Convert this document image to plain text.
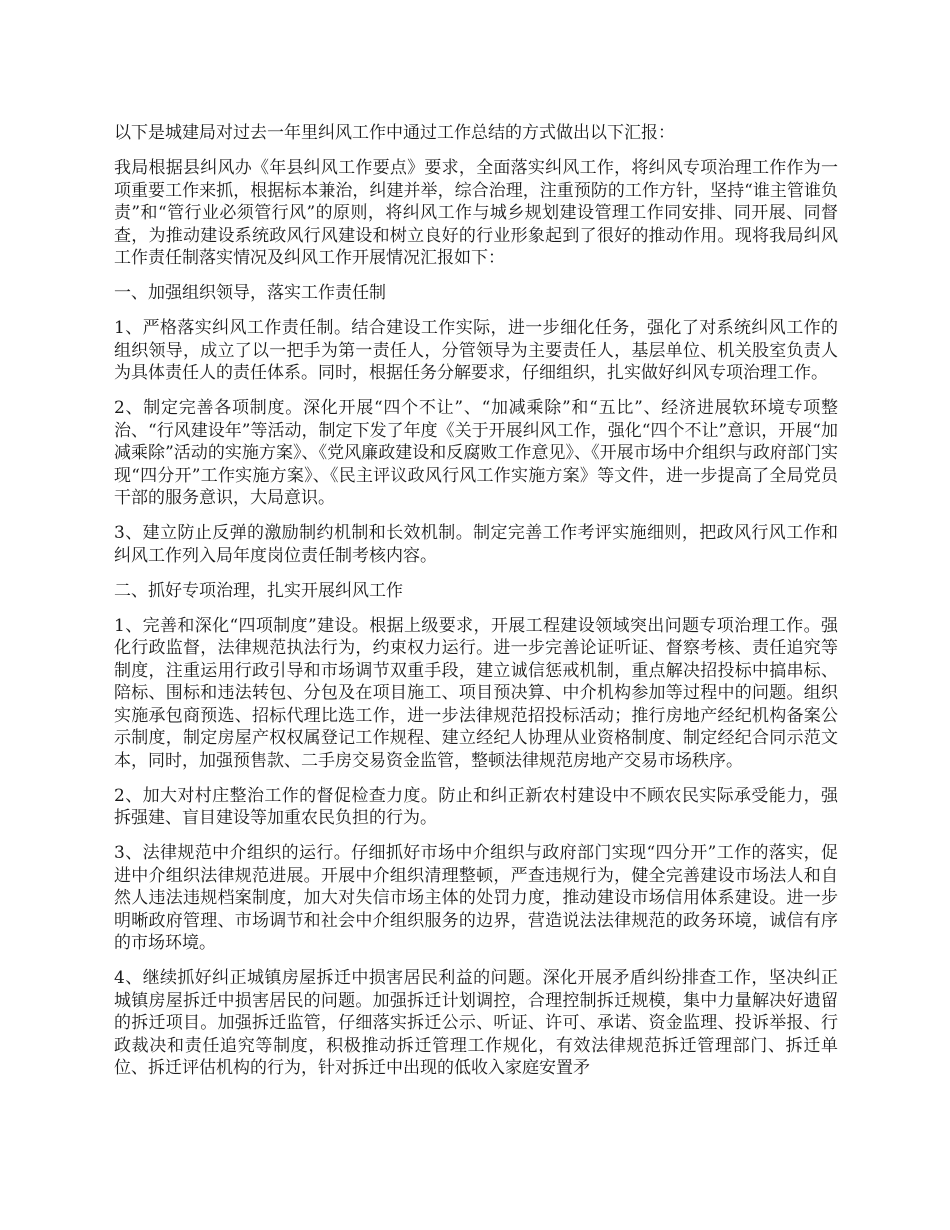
以下是城建局对过去一年里纠风工作中通过工作总结的方式做出以下汇报：

我局根据县纠风办《年县纠风工作要点》要求，全面落实纠风工作，将纠风专项治理工作作为一项重要工作来抓，根据标本兼治，纠建并举，综合治理，注重预防的工作方针，坚持“谁主管谁负责”和“管行业必须管行风”的原则，将纠风工作与城乡规划建设管理工作同安排、同开展、同督查，为推动建设系统政风行风建设和树立良好的行业形象起到了很好的推动作用。现将我局纠风工作责任制落实情况及纠风工作开展情况汇报如下：

一、加强组织领导，落实工作责任制

1、严格落实纠风工作责任制。结合建设工作实际，进一步细化任务，强化了对系统纠风工作的组织领导，成立了以一把手为第一责任人，分管领导为主要责任人，基层单位、机关股室负责人为具体责任人的责任体系。同时，根据任务分解要求，仔细组织，扎实做好纠风专项治理工作。

2、制定完善各项制度。深化开展“四个不让”、“加减乘除”和“五比”、经济进展软环境专项整治、“行风建设年”等活动，制定下发了年度《关于开展纠风工作，强化“四个不让”意识，开展“加减乘除”活动的实施方案》、《党风廉政建设和反腐败工作意见》、《开展市场中介组织与政府部门实现“四分开”工作实施方案》、《民主评议政风行风工作实施方案》等文件，进一步提高了全局党员干部的服务意识，大局意识。

3、建立防止反弹的激励制约机制和长效机制。制定完善工作考评实施细则，把政风行风工作和纠风工作列入局年度岗位责任制考核内容。

二、抓好专项治理，扎实开展纠风工作

1、完善和深化“四项制度”建设。根据上级要求，开展工程建设领域突出问题专项治理工作。强化行政监督，法律规范执法行为，约束权力运行。进一步完善论证听证、督察考核、责任追究等制度，注重运用行政引导和市场调节双重手段，建立诚信惩戒机制，重点解决招投标中搞串标、陪标、围标和违法转包、分包及在项目施工、项目预决算、中介机构参加等过程中的问题。组织实施承包商预选、招标代理比选工作，进一步法律规范招投标活动；推行房地产经纪机构备案公示制度，制定房屋产权权属登记工作规程、建立经纪人协理从业资格制度、制定经纪合同示范文本，同时，加强预售款、二手房交易资金监管，整顿法律规范房地产交易市场秩序。

2、加大对村庄整治工作的督促检查力度。防止和纠正新农村建设中不顾农民实际承受能力，强拆强建、盲目建设等加重农民负担的行为。

3、法律规范中介组织的运行。仔细抓好市场中介组织与政府部门实现“四分开”工作的落实，促进中介组织法律规范进展。开展中介组织清理整顿，严查违规行为，健全完善建设市场法人和自然人违法违规档案制度，加大对失信市场主体的处罚力度，推动建设市场信用体系建设。进一步明晰政府管理、市场调节和社会中介组织服务的边界，营造说法法律规范的政务环境，诚信有序的市场环境。

4、继续抓好纠正城镇房屋拆迁中损害居民利益的问题。深化开展矛盾纠纷排查工作，坚决纠正城镇房屋拆迁中损害居民的问题。加强拆迁计划调控，合理控制拆迁规模，集中力量解决好遗留的拆迁项目。加强拆迁监管，仔细落实拆迁公示、听证、许可、承诺、资金监理、投诉举报、行政裁决和责任追究等制度，积极推动拆迁管理工作规化，有效法律规范拆迁管理部门、拆迁单位、拆迁评估机构的行为，针对拆迁中出现的低收入家庭安置矛
